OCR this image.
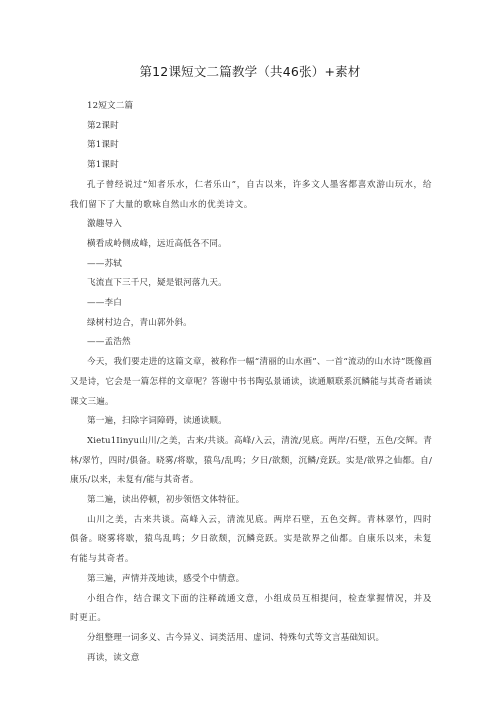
第12课短文二篇教学（共46张）+素材

12短文二篇

第2课时

第1课时

第1课时

孔子曾经说过“知者乐水，仁者乐山”，自古以来，许多文人墨客都喜欢游山玩水，给我们留下了大量的歌咏自然山水的优美诗文。

激趣导入

横看成岭侧成峰，远近高低各不同。

——苏轼

飞流直下三千尺，疑是银河落九天。

——李白

绿树村边合，青山郭外斜。

——孟浩然

今天，我们要走进的这篇文章，被称作一幅“清丽的山水画”、一首“流动的山水诗”既像画又是诗，它会是一篇怎样的文章呢？答谢中书书陶弘景诵读，读通顺联系沉鳞能与其奇者诵读课文三遍。

第一遍，扫除字词障碍，读通读顺。

Xietu1Iinyu山川/之美，古来/共谈。高峰/入云，清流/见底。两岸/石壁，五色/交辉。青林/翠竹，四时/俱备。晓雾/将歇，猿鸟/乱鸣；夕日/欲颓，沉鳞/竞跃。实是/欲界之仙都。自/康乐/以来，未复有/能与其奇者。

第二遍，读出停顿，初步领悟文体特征。

山川之美，古来共谈。高峰入云，清流见底。两岸石壁，五色交辉。青林翠竹，四时俱备。晓雾将歇，猿鸟乱鸣；夕日欲颓，沉鳞竞跃。实是欲界之仙都。自康乐以来，未复有能与其奇者。

第三遍，声情并茂地读，感受个中情意。

小组合作，结合课文下面的注释疏通文意，小组成员互相提问，检查掌握情况，并及时更正。

分组整理一词多义、古今异义、词类活用、虚词、特殊句式等文言基础知识。

再读，读文意
